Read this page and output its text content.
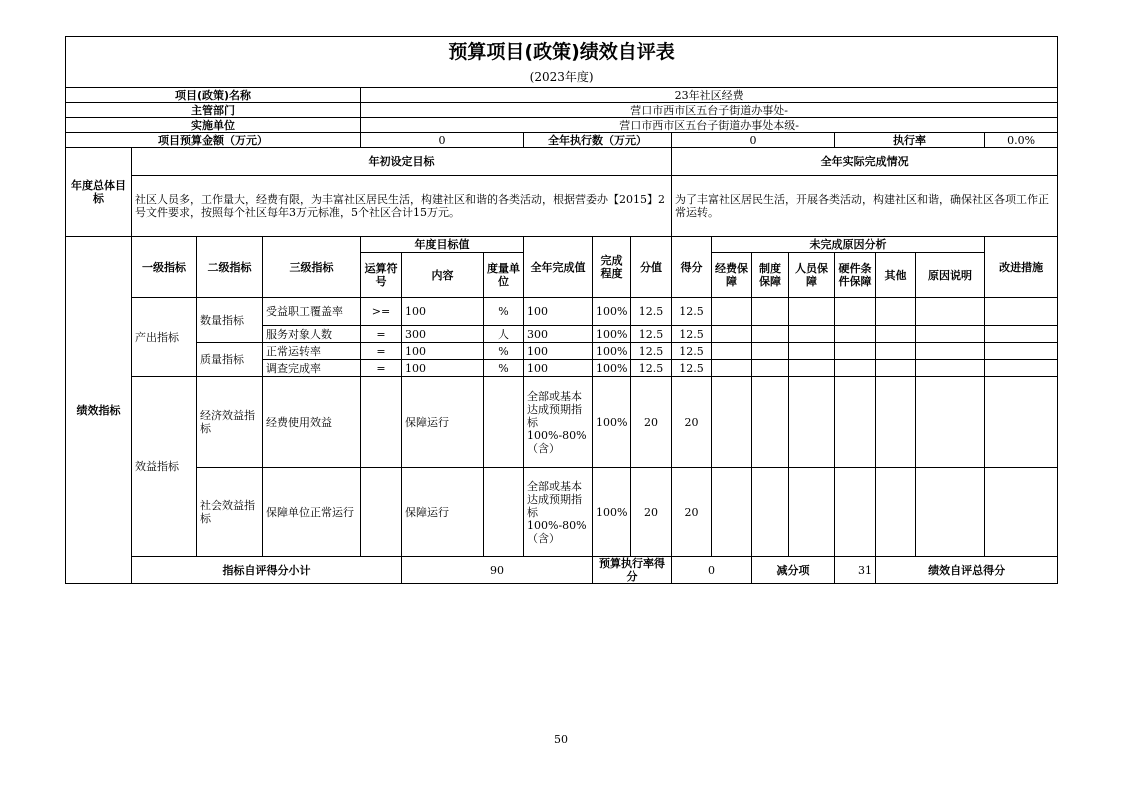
预算项目(政策)绩效自评表																		
(2023年度)																		
项目(政策)名称				23年社区经费														
主管部门				营口市西市区五台子街道办事处-														
实施单位				营口市西市区五台子街道办事处本级-														
项目预算金额（万元）				0			全年执行数（万元）			0				执行率			0.0%	
年度总体目标	年初设定目标									全年实际完成情况								
	社区人员多，工作量大，经费有限，为丰富社区居民生活，构建社区和谐的各类活动，根据营委办【2015】2号文件要求，按照每个社区每年3万元标准，5个社区合计15万元。									为了丰富社区居民生活，开展各类活动，构建社区和谐，确保社区各项工作正常运转。								
绩效指标	一级指标	二级指标	三级指标	年度目标值			全年完成值	完成程度	分值	得分	未完成原因分析						改进措施	
				运算符号	内容	度量单位					经费保障	制度保障	人员保障	硬件条件保障	其他	原因说明		
	产出指标	数量指标	受益职工覆盖率	>=	100	%	100	100%	12.5	12.5								
			服务对象人数	=	300	人	300	100%	12.5	12.5								
		质量指标	正常运转率	=	100	%	100	100%	12.5	12.5								
			调查完成率	=	100	%	100	100%	12.5	12.5								
	效益指标	经济效益指标	经费使用效益		保障运行		全部或基本达成预期指标100%-80%（含）	100%	20	20								
		社会效益指标	保障单位正常运行		保障运行		全部或基本达成预期指标100%-80%（含）	100%	20	20								
	指标自评得分小计				90			预算执行率得分		0		减分项		31	绩效自评总得分	
50
